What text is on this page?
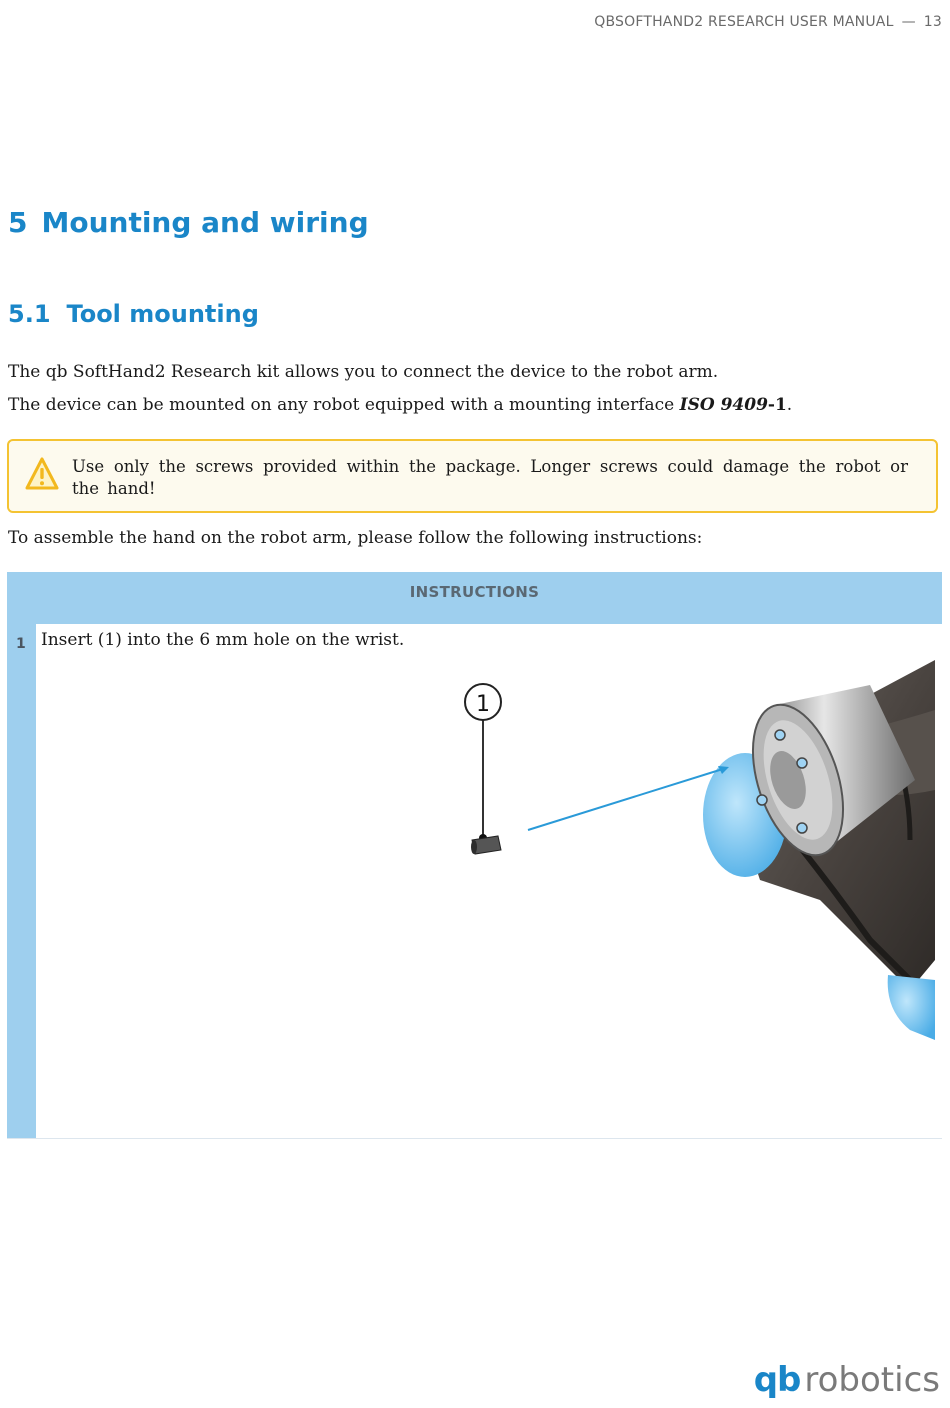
QBSOFTHAND2 RESEARCH USER MANUAL — 13
5 Mounting and wiring
5.1 Tool mounting

The qb SoftHand2 Research kit allows you to connect the device to the robot arm.

The device can be mounted on any robot equipped with a mounting interface ISO 9409-1.

Use only the screws provided within the package. Longer screws could damage the robot or the hand!

To assemble the hand on the robot arm, please follow the following instructions:

INSTRUCTIONS
1 Insert (1) into the 6 mm hole on the wrist.
1
qb robotics
